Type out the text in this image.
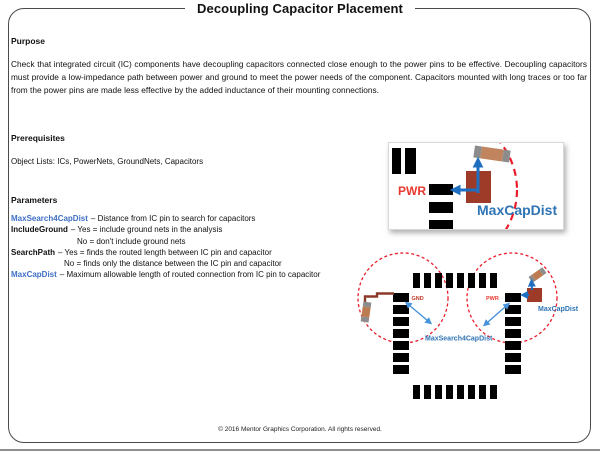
Decoupling Capacitor Placement
Purpose
Check that integrated circuit (IC) components have decoupling capacitors connected close enough to the power pins to be effective. Decoupling capacitors must provide a low-impedance path between power and ground to meet the power needs of the component. Capacitors mounted with long traces or too far from the power pins are made less effective by the added inductance of their mounting connections.
Prerequisites
Object Lists: ICs, PowerNets, GroundNets, Capacitors
Parameters
MaxSearch4CapDist – Distance from IC pin to search for capacitors
IncludeGround – Yes = include ground nets in the analysis
No = don't include ground nets
SearchPath – Yes = finds the routed length between IC pin and capacitor
No = finds only the distance between the IC pin and capacitor
MaxCapDist – Maximum allowable length of routed connection from IC pin to capacitor
PWR
MaxCapDist
GND	PWR
MaxSearch4CapDist
MaxCapDist
© 2016 Mentor Graphics Corporation. All rights reserved.
